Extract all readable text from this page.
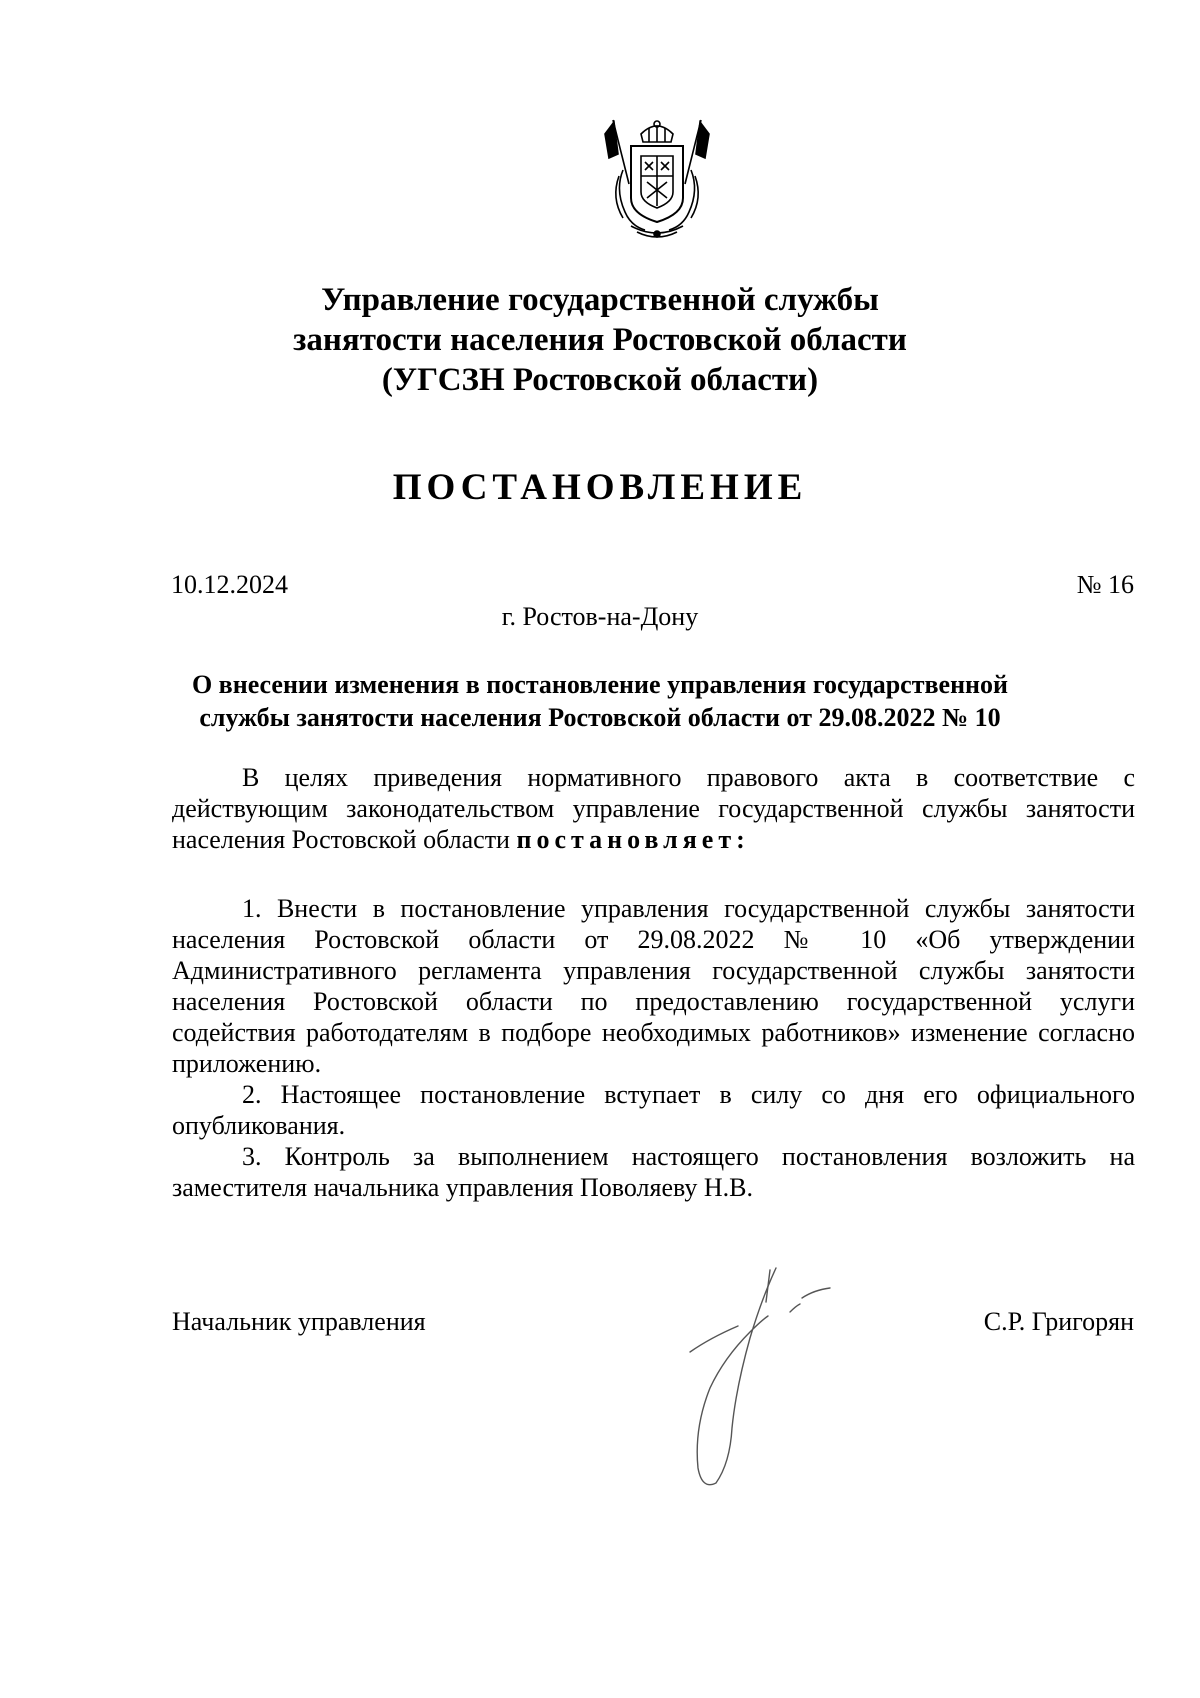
Управление государственной службы
занятости населения Ростовской области
(УГСЗН Ростовской области)
ПОСТАНОВЛЕНИЕ
10.12.2024	№ 16
г. Ростов-на-Дону
О внесении изменения в постановление управления государственной
службы занятости населения Ростовской области от 29.08.2022 № 10

В целях приведения нормативного правового акта в соответствие с действующим законодательством управление государственной службы занятости населения Ростовской области постановляет:

1. Внести в постановление управления государственной службы занятости населения Ростовской области от 29.08.2022 № 10 «Об утверждении Административного регламента управления государственной службы занятости населения Ростовской области по предоставлению государственной услуги содействия работодателям в подборе необходимых работников» изменение согласно приложению.

2. Настоящее постановление вступает в силу со дня его официального опубликования.

3. Контроль за выполнением настоящего постановления возложить на заместителя начальника управления Поволяеву Н.В.

Начальник управления	С.Р. Григорян
